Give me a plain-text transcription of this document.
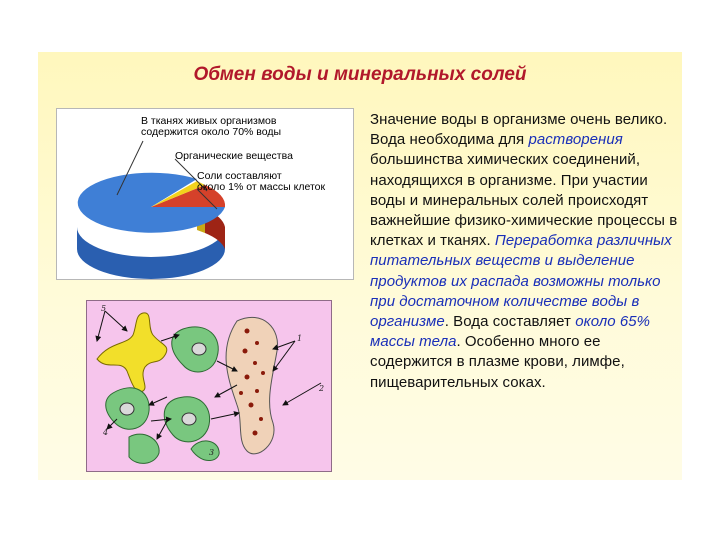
Обмен воды и минеральных солей
В тканях живых организмов
содержится около 70% воды
Органические вещества
Соли составляют
около 1% от массы клеток
5
1
2
3
4
Значение воды в организме очень велико. Вода необходима для растворения большинства химических соединений, находящихся в организме. При участии воды и минеральных солей происходят важнейшие физико-химические процессы в клетках и тканях. Переработка различных питательных веществ и выделение продуктов их распада возможны только при достаточном количестве воды в организме. Вода составляет около 65% массы тела. Особенно много ее содержится в плазме крови, лимфе, пищеварительных соках.
